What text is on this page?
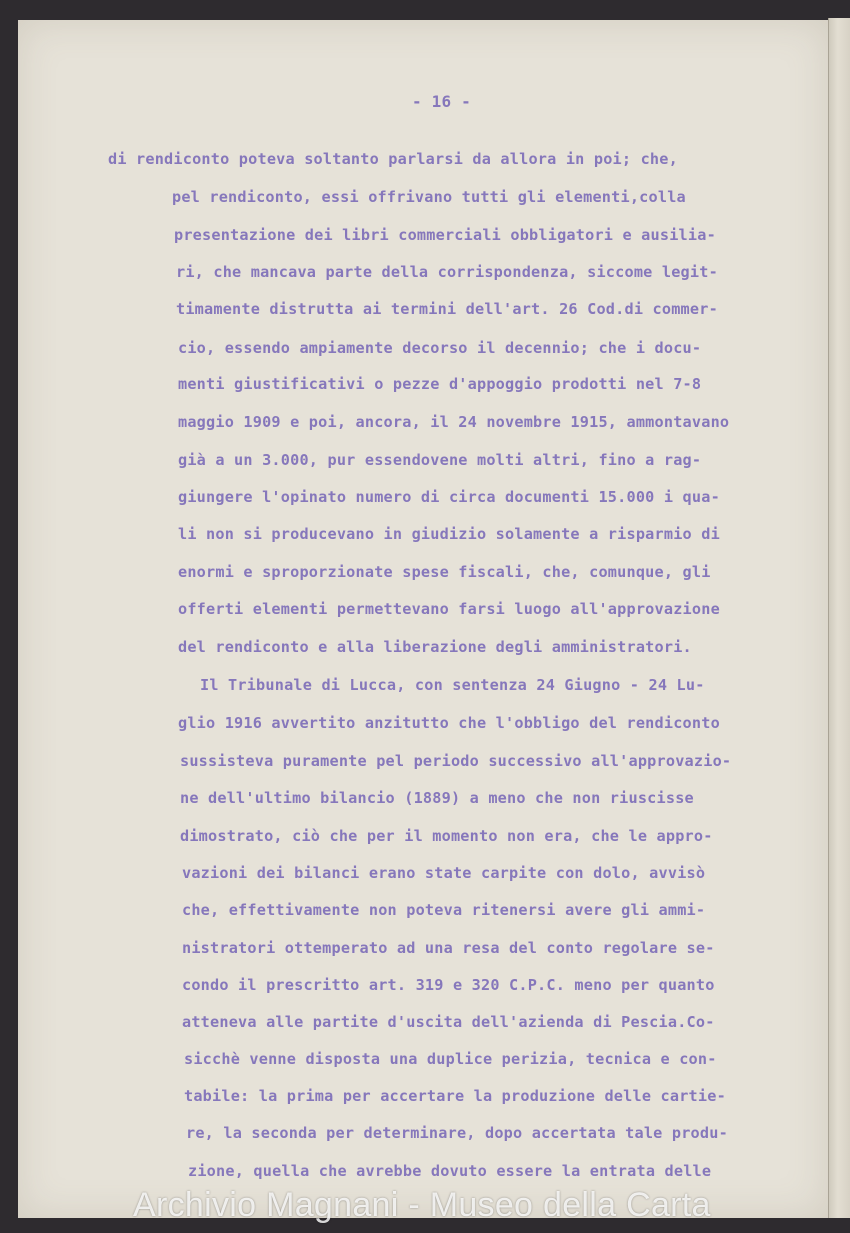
- 16 -
di rendiconto poteva soltanto parlarsi da allora in poi; che,
pel rendiconto, essi offrivano tutti gli elementi,colla
presentazione dei libri commerciali obbligatori e ausilia-
ri, che mancava parte della corrispondenza, siccome legit-
timamente distrutta ai termini dell'art. 26 Cod.di commer-
cio, essendo ampiamente decorso il decennio; che i docu-
menti giustificativi o pezze d'appoggio prodotti nel 7-8
maggio 1909 e poi, ancora, il 24 novembre 1915, ammontavano
già a un 3.000, pur essendovene molti altri, fino a rag-
giungere l'opinato numero di circa documenti 15.000 i qua-
li non si producevano in giudizio solamente a risparmio di
enormi e sproporzionate spese fiscali, che, comunque, gli
offerti elementi permettevano farsi luogo all'approvazione
del rendiconto e alla liberazione degli amministratori.
Il Tribunale di Lucca, con sentenza 24 Giugno - 24 Lu-
glio 1916 avvertito anzitutto che l'obbligo del rendiconto
sussisteva puramente pel periodo successivo all'approvazio-
ne dell'ultimo bilancio (1889) a meno che non riuscisse
dimostrato, ciò che per il momento non era, che le appro-
vazioni dei bilanci erano state carpite con dolo, avvisò
che, effettivamente non poteva ritenersi avere gli ammi-
nistratori ottemperato ad una resa del conto regolare se-
condo il prescritto art. 319 e 320 C.P.C. meno per quanto
atteneva alle partite d'uscita dell'azienda di Pescia.Co-
sicchè venne disposta una duplice perizia, tecnica e con-
tabile: la prima per accertare la produzione delle cartie-
re, la seconda per determinare, dopo accertata tale produ-
zione, quella che avrebbe dovuto essere la entrata delle
Archivio Magnani - Museo della Carta
